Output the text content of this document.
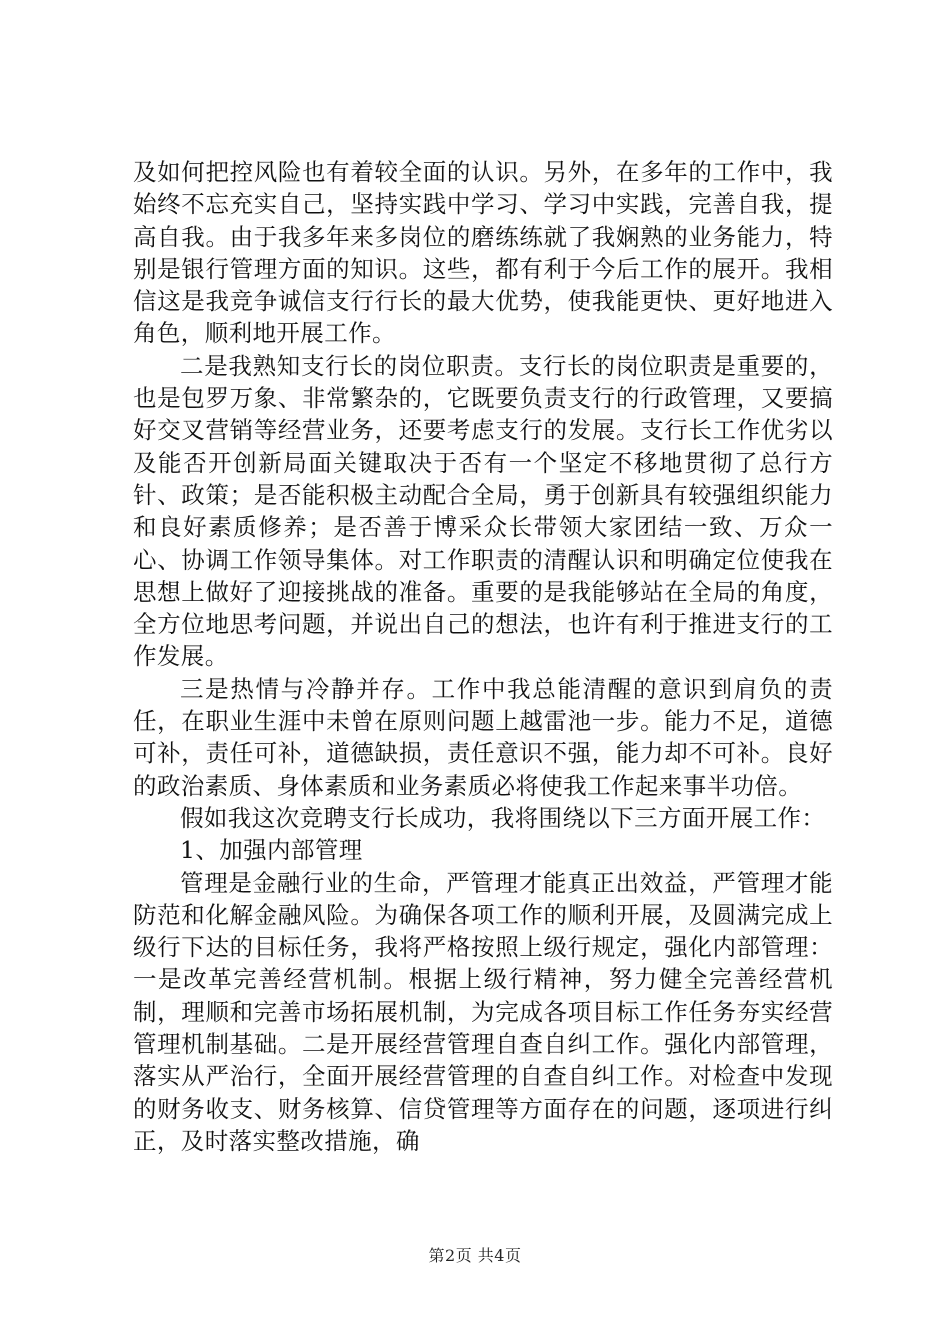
及如何把控风险也有着较全面的认识。另外，在多年的工作中，我始终不忘充实自己，坚持实践中学习、学习中实践，完善自我，提高自我。由于我多年来多岗位的磨练练就了我娴熟的业务能力，特别是银行管理方面的知识。这些，都有利于今后工作的展开。我相信这是我竞争诚信支行行长的最大优势，使我能更快、更好地进入角色，顺利地开展工作。

二是我熟知支行长的岗位职责。支行长的岗位职责是重要的，也是包罗万象、非常繁杂的，它既要负责支行的行政管理，又要搞好交叉营销等经营业务，还要考虑支行的发展。支行长工作优劣以及能否开创新局面关键取决于否有一个坚定不移地贯彻了总行方针、政策；是否能积极主动配合全局，勇于创新具有较强组织能力和良好素质修养；是否善于博采众长带领大家团结一致、万众一心、协调工作领导集体。对工作职责的清醒认识和明确定位使我在思想上做好了迎接挑战的准备。重要的是我能够站在全局的角度，全方位地思考问题，并说出自己的想法，也许有利于推进支行的工作发展。

三是热情与冷静并存。工作中我总能清醒的意识到肩负的责任，在职业生涯中未曾在原则问题上越雷池一步。能力不足，道德可补，责任可补，道德缺损，责任意识不强，能力却不可补。良好的政治素质、身体素质和业务素质必将使我工作起来事半功倍。

假如我这次竞聘支行长成功，我将围绕以下三方面开展工作：

1、加强内部管理

管理是金融行业的生命，严管理才能真正出效益，严管理才能防范和化解金融风险。为确保各项工作的顺利开展，及圆满完成上级行下达的目标任务，我将严格按照上级行规定，强化内部管理：一是改革完善经营机制。根据上级行精神，努力健全完善经营机制，理顺和完善市场拓展机制，为完成各项目标工作任务夯实经营管理机制基础。二是开展经营管理自查自纠工作。强化内部管理，落实从严治行，全面开展经营管理的自查自纠工作。对检查中发现的财务收支、财务核算、信贷管理等方面存在的问题，逐项进行纠正，及时落实整改措施，确

第2页 共4页
